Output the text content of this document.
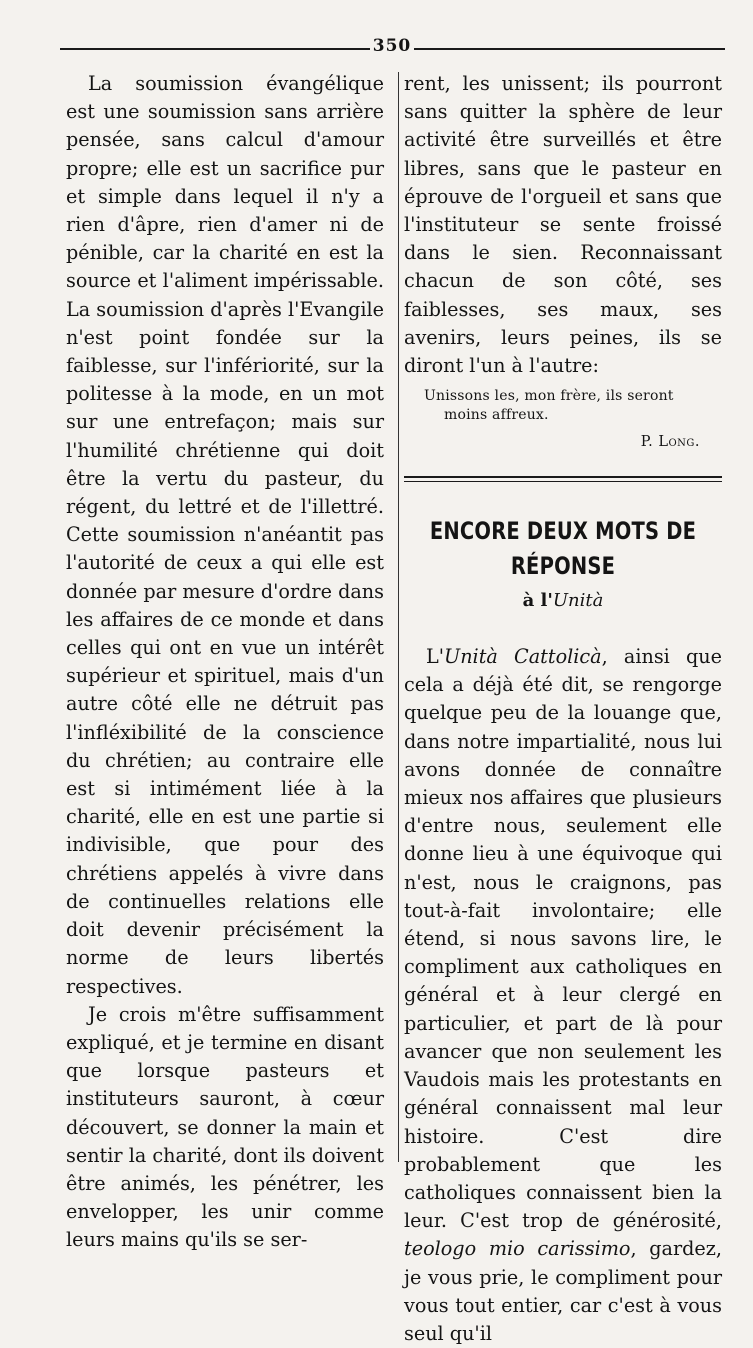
350

La soumission évangélique est une soumission sans arrière pensée, sans calcul d'amour propre; elle est un sacrifice pur et simple dans lequel il n'y a rien d'âpre, rien d'amer ni de pénible, car la charité en est la source et l'aliment impérissable. La soumission d'après l'Evangile n'est point fondée sur la faiblesse, sur l'infériorité, sur la politesse à la mode, en un mot sur une entrefaçon; mais sur l'humilité chrétienne qui doit être la vertu du pasteur, du régent, du lettré et de l'illettré. Cette soumission n'anéantit pas l'autorité de ceux a qui elle est donnée par mesure d'ordre dans les affaires de ce monde et dans celles qui ont en vue un intérêt supérieur et spirituel, mais d'un autre côté elle ne détruit pas l'infléxibilité de la conscience du chrétien; au contraire elle est si intimément liée à la charité, elle en est une partie si indivisible, que pour des chrétiens appelés à vivre dans de continuelles relations elle doit devenir précisément la norme de leurs libertés respectives.

Je crois m'être suffisamment expliqué, et je termine en disant que lorsque pasteurs et instituteurs sauront, à cœur découvert, se donner la main et sentir la charité, dont ils doivent être animés, les pénétrer, les envelopper, les unir comme leurs mains qu'ils se ser-

rent, les unissent; ils pourront sans quitter la sphère de leur activité être surveillés et être libres, sans que le pasteur en éprouve de l'orgueil et sans que l'instituteur se sente froissé dans le sien. Reconnaissant chacun de son côté, ses faiblesses, ses maux, ses avenirs, leurs peines, ils se diront l'un à l'autre:

Unissons les, mon frère, ils seront
moins affreux.
P. Long.
ENCORE DEUX MOTS DE RÉPONSE
à l'Unità

L'Unità Cattolicà, ainsi que cela a déjà été dit, se rengorge quelque peu de la louange que, dans notre impartialité, nous lui avons donnée de connaître mieux nos affaires que plusieurs d'entre nous, seulement elle donne lieu à une équivoque qui n'est, nous le craignons, pas tout-à-fait involontaire; elle étend, si nous savons lire, le compliment aux catholiques en général et à leur clergé en particulier, et part de là pour avancer que non seulement les Vaudois mais les protestants en général connaissent mal leur histoire. C'est dire probablement que les catholiques connaissent bien la leur. C'est trop de générosité, teologo mio carissimo, gardez, je vous prie, le compliment pour vous tout entier, car c'est à vous seul qu'il
